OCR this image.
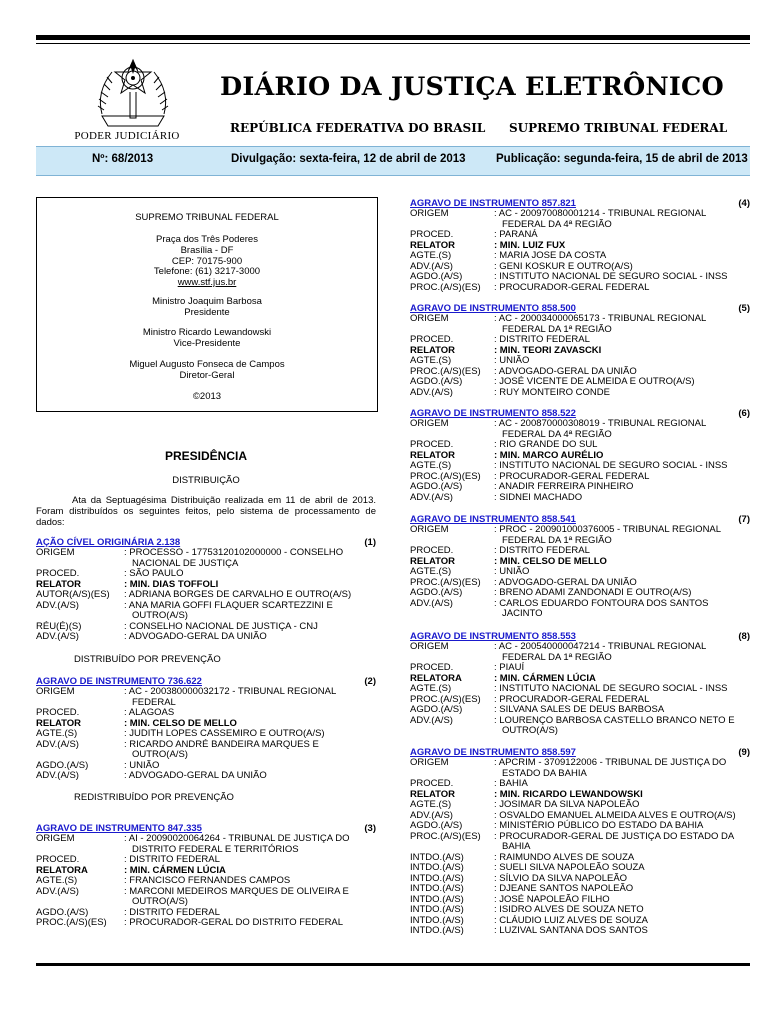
PODER JUDICIÁRIO
DIÁRIO DA JUSTIÇA ELETRÔNICO
REPÚBLICA FEDERATIVA DO BRASIL SUPREMO TRIBUNAL FEDERAL
Nº: 68/2013	Divulgação: sexta-feira, 12 de abril de 2013	Publicação: segunda-feira, 15 de abril de 2013
SUPREMO TRIBUNAL FEDERAL
Praça dos Três Poderes
Brasília - DF
CEP: 70175-900
Telefone: (61) 3217-3000
www.stf.jus.br
Ministro Joaquim Barbosa
Presidente
Ministro Ricardo Lewandowski
Vice-Presidente
Miguel Augusto Fonseca de Campos
Diretor-Geral
©2013
PRESIDÊNCIA
DISTRIBUIÇÃO
Ata da Septuagésima Distribuição realizada em 11 de abril de 2013. Foram distribuídos os seguintes feitos, pelo sistema de processamento de dados:
DISTRIBUÍDO POR PREVENÇÃO
REDISTRIBUÍDO POR PREVENÇÃO
AÇÃO CÍVEL ORIGINÁRIA 2.138	(1)
ORIGEM	: PROCESSO - 17753120102000000 - CONSELHO NACIONAL DE JUSTIÇA
PROCED.	: SÃO PAULO
RELATOR	: MIN. DIAS TOFFOLI
AUTOR(A/S)(ES)	: ADRIANA BORGES DE CARVALHO E OUTRO(A/S)
ADV.(A/S)	: ANA MARIA GOFFI FLAQUER SCARTEZZINI E OUTRO(A/S)
RÉU(É)(S)	: CONSELHO NACIONAL DE JUSTIÇA - CNJ
ADV.(A/S)	: ADVOGADO-GERAL DA UNIÃO
AGRAVO DE INSTRUMENTO 736.622	(2)
ORIGEM	: AC - 200380000032172 - TRIBUNAL REGIONAL FEDERAL
PROCED.	: ALAGOAS
RELATOR	: MIN. CELSO DE MELLO
AGTE.(S)	: JUDITH LOPES CASSEMIRO E OUTRO(A/S)
ADV.(A/S)	: RICARDO ANDRÉ BANDEIRA MARQUES E OUTRO(A/S)
AGDO.(A/S)	: UNIÃO
ADV.(A/S)	: ADVOGADO-GERAL DA UNIÃO
AGRAVO DE INSTRUMENTO 847.335	(3)
ORIGEM	: AI - 20090020064264 - TRIBUNAL DE JUSTIÇA DO DISTRITO FEDERAL E TERRITÓRIOS
PROCED.	: DISTRITO FEDERAL
RELATORA	: MIN. CÁRMEN LÚCIA
AGTE.(S)	: FRANCISCO FERNANDES CAMPOS
ADV.(A/S)	: MARCONI MEDEIROS MARQUES DE OLIVEIRA E OUTRO(A/S)
AGDO.(A/S)	: DISTRITO FEDERAL
PROC.(A/S)(ES)	: PROCURADOR-GERAL DO DISTRITO FEDERAL
AGRAVO DE INSTRUMENTO 857.821	(4)
ORIGEM	: AC - 200970080001214 - TRIBUNAL REGIONAL FEDERAL DA 4ª REGIÃO
PROCED.	: PARANÁ
RELATOR	: MIN. LUIZ FUX
AGTE.(S)	: MARIA JOSE DA COSTA
ADV.(A/S)	: GENI KOSKUR E OUTRO(A/S)
AGDO.(A/S)	: INSTITUTO NACIONAL DE SEGURO SOCIAL - INSS
PROC.(A/S)(ES)	: PROCURADOR-GERAL FEDERAL
AGRAVO DE INSTRUMENTO 858.500	(5)
ORIGEM	: AC - 200034000065173 - TRIBUNAL REGIONAL FEDERAL DA 1ª REGIÃO
PROCED.	: DISTRITO FEDERAL
RELATOR	: MIN. TEORI ZAVASCKI
AGTE.(S)	: UNIÃO
PROC.(A/S)(ES)	: ADVOGADO-GERAL DA UNIÃO
AGDO.(A/S)	: JOSÉ VICENTE DE ALMEIDA E OUTRO(A/S)
ADV.(A/S)	: RUY MONTEIRO CONDE
AGRAVO DE INSTRUMENTO 858.522	(6)
ORIGEM	: AC - 200870000308019 - TRIBUNAL REGIONAL FEDERAL DA 4ª REGIÃO
PROCED.	: RIO GRANDE DO SUL
RELATOR	: MIN. MARCO AURÉLIO
AGTE.(S)	: INSTITUTO NACIONAL DE SEGURO SOCIAL - INSS
PROC.(A/S)(ES)	: PROCURADOR-GERAL FEDERAL
AGDO.(A/S)	: ANADIR FERREIRA PINHEIRO
ADV.(A/S)	: SIDNEI MACHADO
AGRAVO DE INSTRUMENTO 858.541	(7)
ORIGEM	: PROC - 200901000376005 - TRIBUNAL REGIONAL FEDERAL DA 1ª REGIÃO
PROCED.	: DISTRITO FEDERAL
RELATOR	: MIN. CELSO DE MELLO
AGTE.(S)	: UNIÃO
PROC.(A/S)(ES)	: ADVOGADO-GERAL DA UNIÃO
AGDO.(A/S)	: BRENO ADAMI ZANDONADI E OUTRO(A/S)
ADV.(A/S)	: CARLOS EDUARDO FONTOURA DOS SANTOS JACINTO
AGRAVO DE INSTRUMENTO 858.553	(8)
ORIGEM	: AC - 200540000047214 - TRIBUNAL REGIONAL FEDERAL DA 1ª REGIÃO
PROCED.	: PIAUÍ
RELATORA	: MIN. CÁRMEN LÚCIA
AGTE.(S)	: INSTITUTO NACIONAL DE SEGURO SOCIAL - INSS
PROC.(A/S)(ES)	: PROCURADOR-GERAL FEDERAL
AGDO.(A/S)	: SILVANA SALES DE DEUS BARBOSA
ADV.(A/S)	: LOURENÇO BARBOSA CASTELLO BRANCO NETO E OUTRO(A/S)
AGRAVO DE INSTRUMENTO 858.597	(9)
ORIGEM	: APCRIM - 3709122006 - TRIBUNAL DE JUSTIÇA DO ESTADO DA BAHIA
PROCED.	: BAHIA
RELATOR	: MIN. RICARDO LEWANDOWSKI
AGTE.(S)	: JOSIMAR DA SILVA NAPOLEÃO
ADV.(A/S)	: OSVALDO EMANUEL ALMEIDA ALVES E OUTRO(A/S)
AGDO.(A/S)	: MINISTÉRIO PÚBLICO DO ESTADO DA BAHIA
PROC.(A/S)(ES)	: PROCURADOR-GERAL DE JUSTIÇA DO ESTADO DA BAHIA
INTDO.(A/S)	: RAIMUNDO ALVES DE SOUZA
INTDO.(A/S)	: SUELI SILVA NAPOLEÃO SOUZA
INTDO.(A/S)	: SÍLVIO DA SILVA NAPOLEÃO
INTDO.(A/S)	: DJEANE SANTOS NAPOLEÃO
INTDO.(A/S)	: JOSÉ NAPOLEÃO FILHO
INTDO.(A/S)	: ISIDRO ALVES DE SOUZA NETO
INTDO.(A/S)	: CLÁUDIO LUIZ ALVES DE SOUZA
INTDO.(A/S)	: LUZIVAL SANTANA DOS SANTOS
